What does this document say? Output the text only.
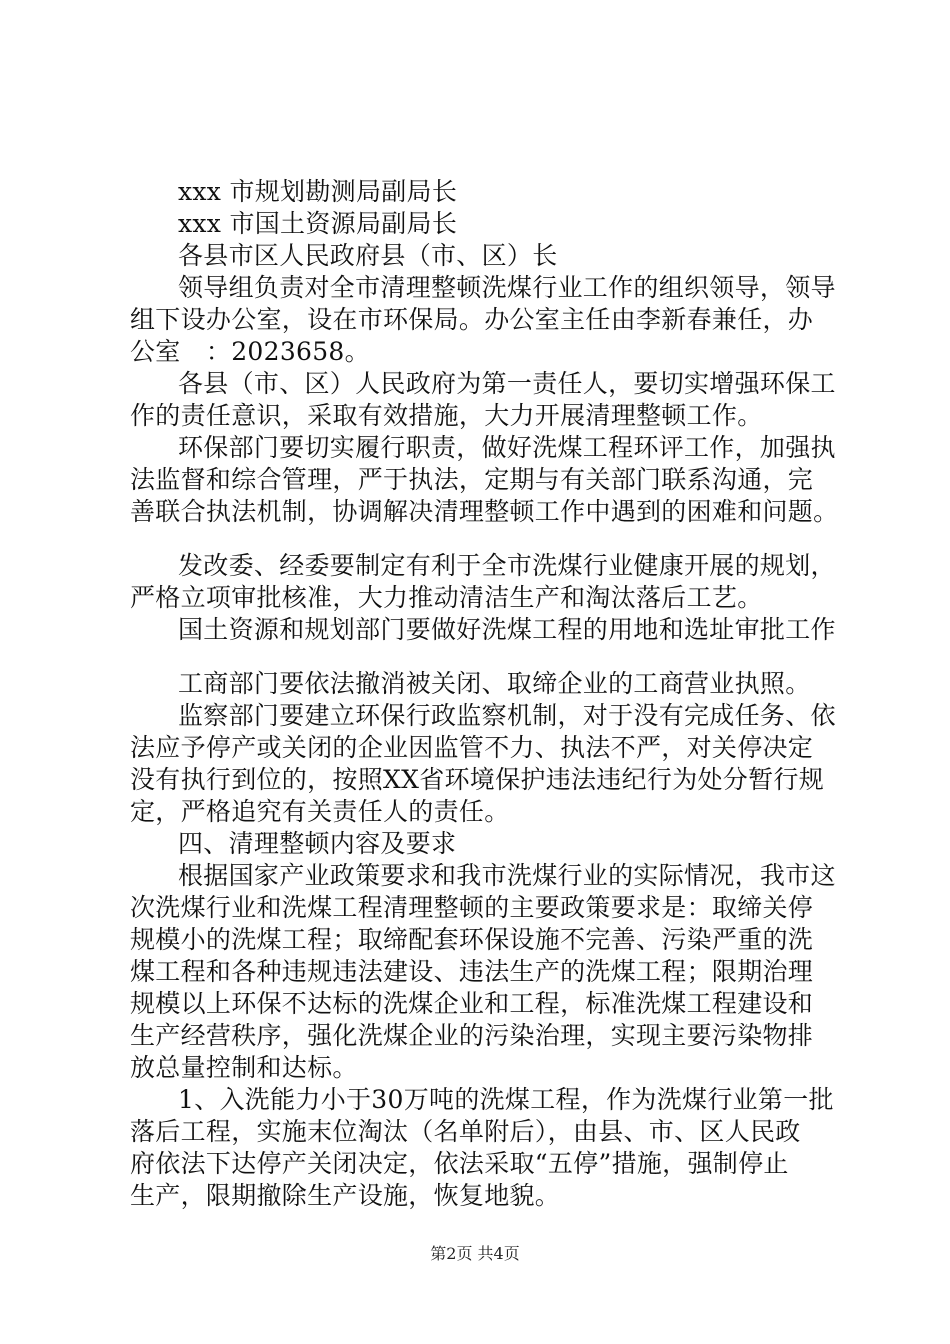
xxx 市规划勘测局副局长
xxx 市国土资源局副局长
各县市区人民政府县（市、区）长
领导组负责对全市清理整顿洗煤行业工作的组织领导，领导
组下设办公室，设在市环保局。办公室主任由李新春兼任，办
公室　：2023658。
各县（市、区）人民政府为第一责任人，要切实增强环保工
作的责任意识，采取有效措施，大力开展清理整顿工作。
环保部门要切实履行职责，做好洗煤工程环评工作，加强执
法监督和综合管理，严于执法，定期与有关部门联系沟通，完
善联合执法机制，协调解决清理整顿工作中遇到的困难和问题。
发改委、经委要制定有利于全市洗煤行业健康开展的规划，
严格立项审批核准，大力推动清洁生产和淘汰落后工艺。
国土资源和规划部门要做好洗煤工程的用地和选址审批工作
工商部门要依法撤消被关闭、取缔企业的工商营业执照。
监察部门要建立环保行政监察机制，对于没有完成任务、依
法应予停产或关闭的企业因监管不力、执法不严，对关停决定
没有执行到位的，按照XX省环境保护违法违纪行为处分暂行规
定，严格追究有关责任人的责任。
四、清理整顿内容及要求
根据国家产业政策要求和我市洗煤行业的实际情况，我市这
次洗煤行业和洗煤工程清理整顿的主要政策要求是：取缔关停
规模小的洗煤工程；取缔配套环保设施不完善、污染严重的洗
煤工程和各种违规违法建设、违法生产的洗煤工程；限期治理
规模以上环保不达标的洗煤企业和工程，标准洗煤工程建设和
生产经营秩序，强化洗煤企业的污染治理，实现主要污染物排
放总量控制和达标。
1、入洗能力小于30万吨的洗煤工程，作为洗煤行业第一批
落后工程，实施末位淘汰（名单附后），由县、市、区人民政
府依法下达停产关闭决定，依法采取“五停”措施，强制停止
生产，限期撤除生产设施，恢复地貌。
第2页 共4页
